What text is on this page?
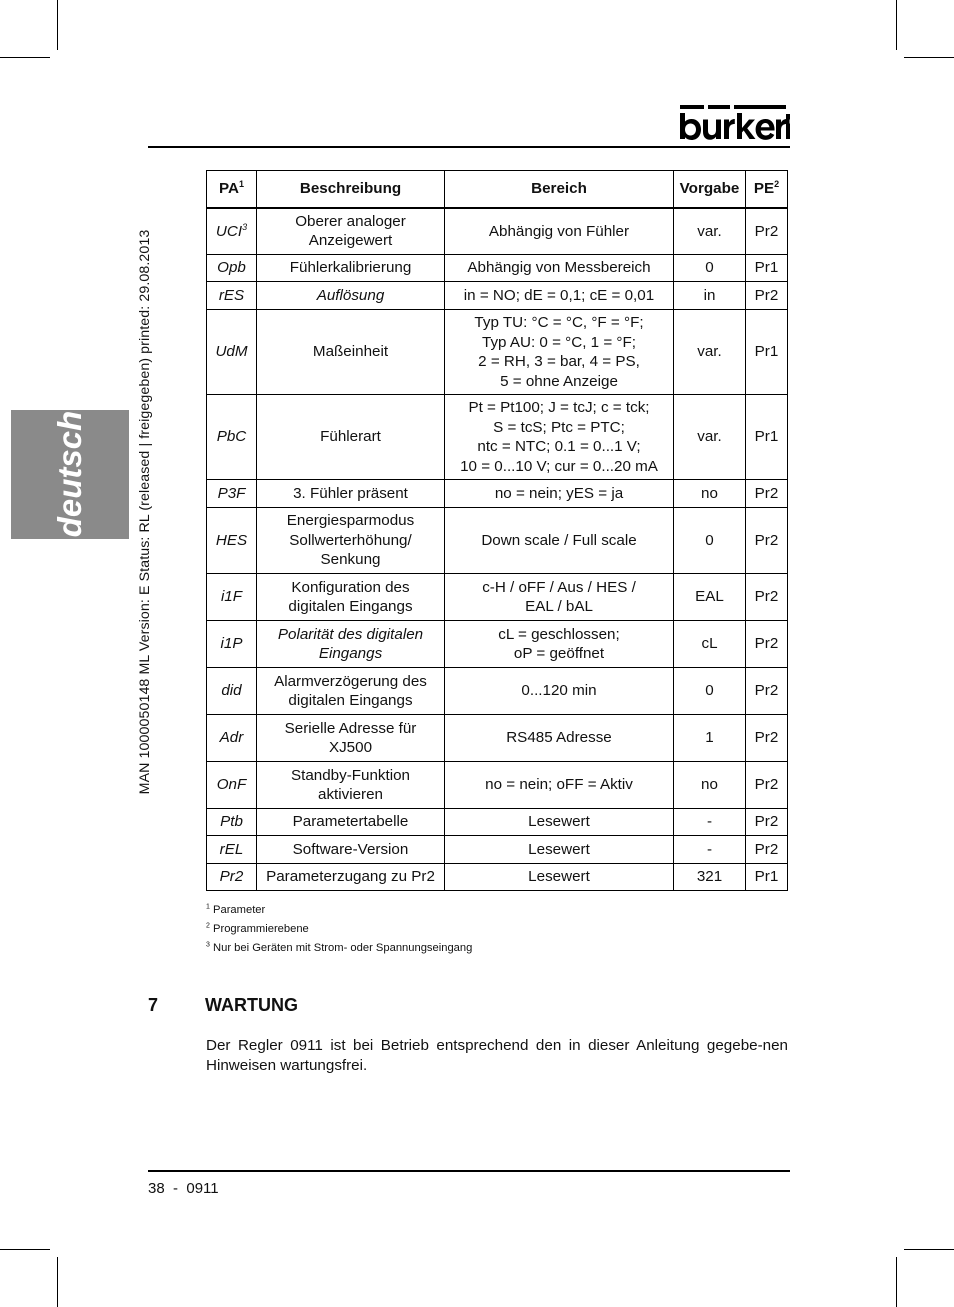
deutsch	MAN 1000050148 ML Version: E Status: RL (released | freigegeben) printed: 29.08.2013
$PA^1$	Beschreibung	Bereich	Vorgabe	$PE^2$
UCI$^3$	Oberer analoger
Anzeigewert	Abhängig von Fühler	var.	Pr2
Opb	Fühlerkalibrierung	Abhängig von Messbereich	0	Pr1
rES	Auflösung	in = NO; dE = 0,1; cE = 0,01	in	Pr2
UdM	Maßeinheit	Typ TU: °C = °C, °F = °F;
Typ AU: 0 = °C, 1 = °F;
2 = RH, 3 = bar, 4 = PS,
5 = ohne Anzeige	var.	Pr1
PbC	Fühlerart	Pt = Pt100; J = tcJ; c = tck;
S = tcS; Ptc = PTC;
ntc = NTC; 0.1 = 0...1 V;
10 = 0...10 V; cur = 0...20 mA	var.	Pr1
P3F	3. Fühler präsent	no = nein; yES = ja	no	Pr2
HES	Energiesparmodus
Sollwerterhöhung/
Senkung	Down scale / Full scale	0	Pr2
i1F	Konfiguration des
digitalen Eingangs	c-H / oFF / Aus / HES /
EAL / bAL	EAL	Pr2
i1P	Polarität des digitalen
Eingangs	cL = geschlossen;
oP = geöffnet	cL	Pr2
did	Alarmverzögerung des
digitalen Eingangs	0...120 min	0	Pr2
Adr	Serielle Adresse für
XJ500	RS485 Adresse	1	Pr2
OnF	Standby-Funktion
aktivieren	no = nein; oFF = Aktiv	no	Pr2
Ptb	Parametertabelle	Lesewert	-	Pr2
rEL	Software-Version	Lesewert	-	Pr2
Pr2	Parameterzugang zu Pr2	Lesewert	321	Pr1
$^1$ Parameter
$^2$ Programmierebene
$^3$ Nur bei Geräten mit Strom- oder Spannungseingang
7	WARTUNG
Der Regler 0911 ist bei Betrieb entsprechend den in dieser Anleitung gegebe-nen Hinweisen wartungsfrei.
38  -  0911
